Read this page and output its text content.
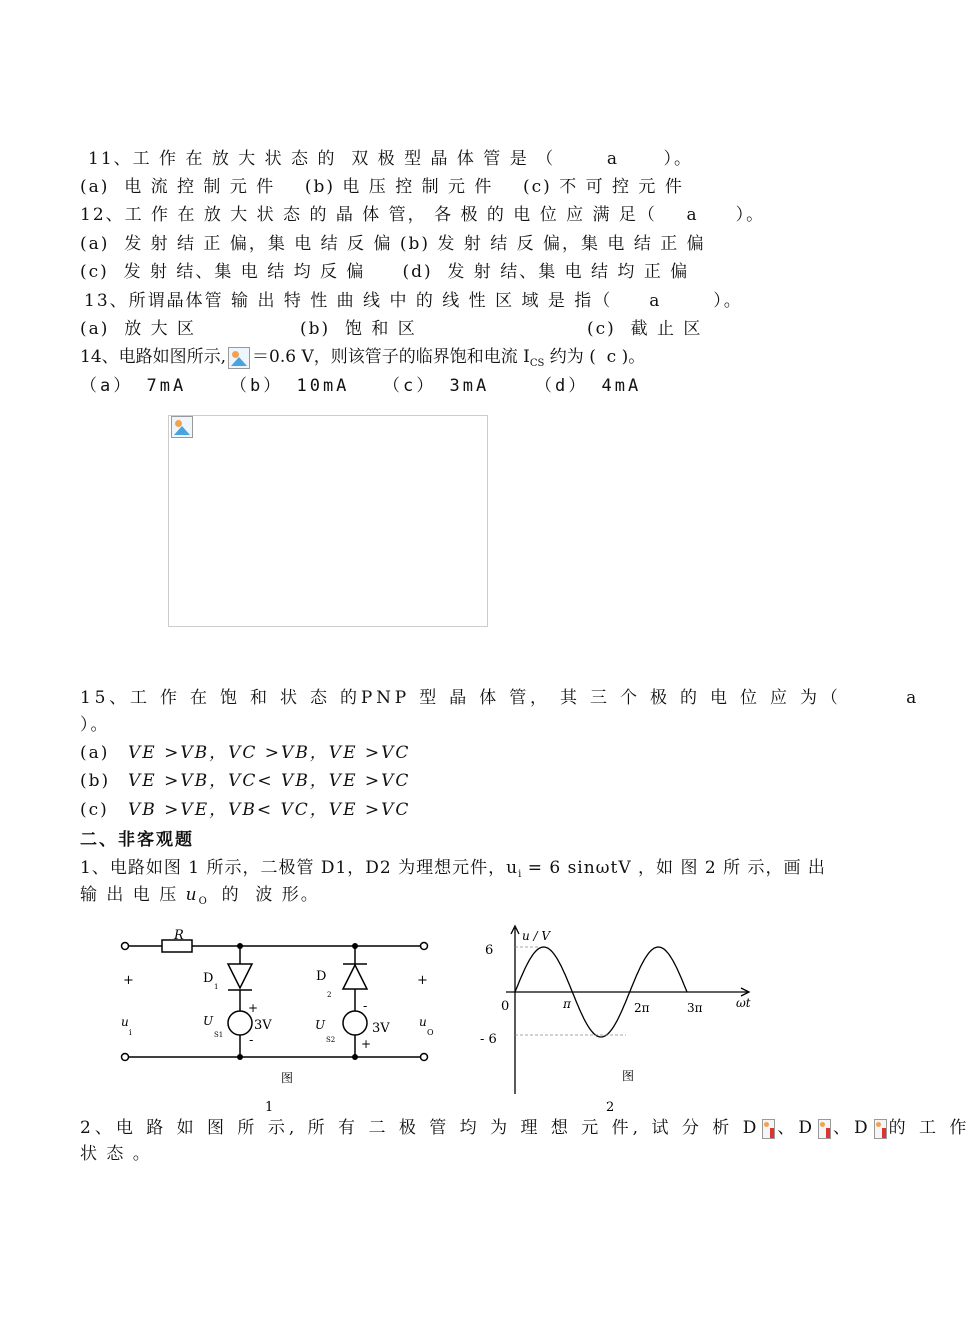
11、工 作 在 放 大 状 态 的  双 极 型 晶 体 管 是 （       a      ）。
(a)  电 流 控 制 元 件    (b) 电 压 控 制 元 件    (c) 不 可 控 元 件
12、工 作 在 放 大 状 态 的 晶 体 管， 各 极 的 电 位 应 满 足（    a     ）。
(a)  发 射 结 正 偏，集 电 结 反 偏 (b) 发 射 结 反 偏，集 电 结 正 偏
(c)  发 射 结、集 电 结 均 反 偏     (d)  发 射 结、集 电 结 均 正 偏
13、所谓晶体管 输 出 特 性 曲 线 中 的 线 性 区 域 是 指（     a       ）。
(a)  放 大 区	(b)  饱 和 区	(c)  截 止 区
14、电路如图所示, ＝0.6 V，则该管子的临界饱和电流 $I_{CS}$ 约为 (  c )。
（a） 7mA	（b） 10mA （c） 3mA	（d） 4mA
15、工 作 在 饱 和 状 态 的PNP 型 晶 体 管， 其 三 个 极 的 电 位 应 为（       a
）。
(a) VE >VB，VC >VB，VE >VC
(b) VE >VB，VC< VB，VE >VC
(c) VB >VE，VB< VC，VE >VC
二、非客观题
1、电路如图 1 所示，二极管 D1，D2 为理想元件，$u_i = 6$ sinωtV ，如 图 2 所 示，画 出
输 出 电 压 $u_O$  的  波 形。
R
+	+
u
i
u
O
D
1
D
2
U
S1
U
S2
3V	3V
+
-
-
+
图
1
u / V
6
- 6
0	π	2π	3π	ωt
图
2
2、电 路 如 图 所 示, 所 有 二 极 管 均 为 理 想 元 件, 试 分 析 D 、D 、D 的 工 作
状 态 。
